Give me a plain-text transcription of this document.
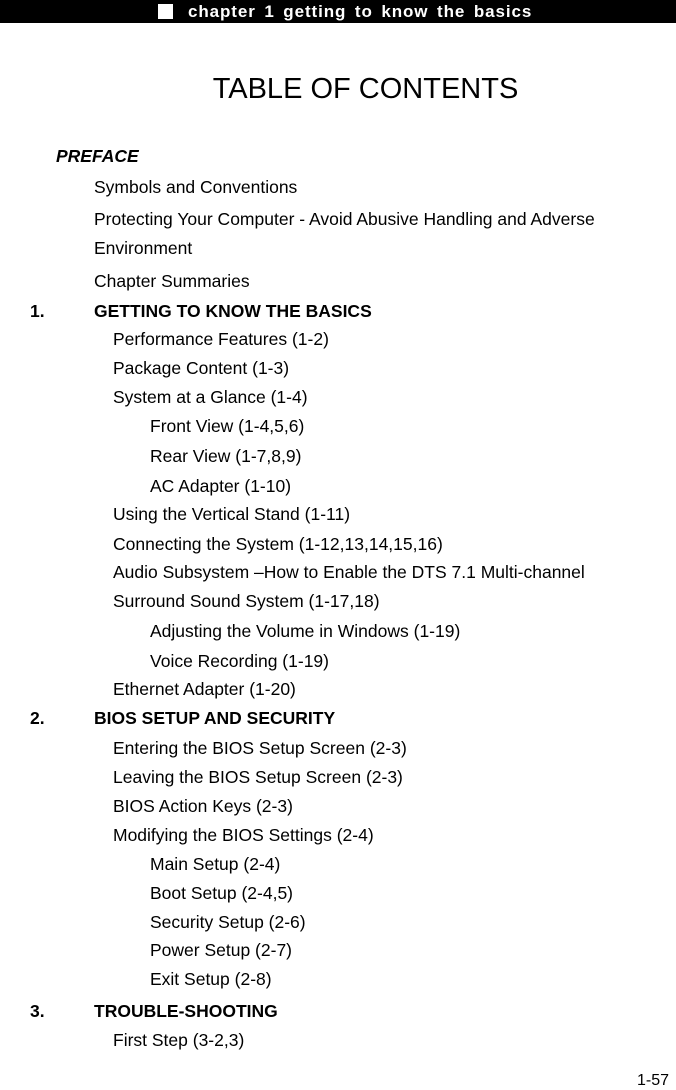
chapter 1 getting to know the basics
TABLE OF CONTENTS
PREFACE
Symbols and Conventions
Protecting Your Computer - Avoid Abusive Handling and Adverse
Environment
Chapter Summaries
1.	GETTING TO KNOW THE BASICS
Performance Features (1-2)
Package Content (1-3)
System at a Glance (1-4)
Front View (1-4,5,6)
Rear View (1-7,8,9)
AC Adapter (1-10)
Using the Vertical Stand (1-11)
Connecting the System (1-12,13,14,15,16)
Audio Subsystem –How to Enable the DTS 7.1 Multi-channel
Surround Sound System (1-17,18)
Adjusting the Volume in Windows (1-19)
Voice Recording (1-19)
Ethernet Adapter (1-20)
2.	BIOS SETUP AND SECURITY
Entering the BIOS Setup Screen (2-3)
Leaving the BIOS Setup Screen (2-3)
BIOS Action Keys (2-3)
Modifying the BIOS Settings (2-4)
Main Setup (2-4)
Boot Setup (2-4,5)
Security Setup (2-6)
Power Setup (2-7)
Exit Setup (2-8)
3.	TROUBLE-SHOOTING
First Step (3-2,3)
1-57
